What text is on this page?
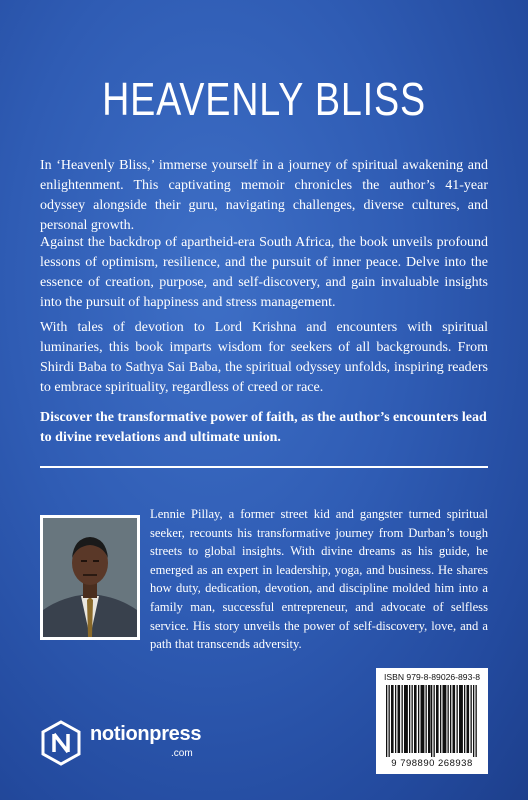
HEAVENLY BLISS
In ‘Heavenly Bliss,’ immerse yourself in a journey of spiritual awakening and enlightenment. This captivating memoir chronicles the author’s 41-year odyssey alongside their guru, navigating challenges, diverse cultures, and personal growth.
Against the backdrop of apartheid-era South Africa, the book unveils profound lessons of optimism, resilience, and the pursuit of inner peace. Delve into the essence of creation, purpose, and self-discovery, and gain invaluable insights into the pursuit of happiness and stress management.
With tales of devotion to Lord Krishna and encounters with spiritual luminaries, this book imparts wisdom for seekers of all backgrounds. From Shirdi Baba to Sathya Sai Baba, the spiritual odyssey unfolds, inspiring readers to embrace spirituality, regardless of creed or race.
Discover the transformative power of faith, as the author’s encounters lead to divine revelations and ultimate union.
Lennie Pillay, a former street kid and gangster turned spiritual seeker, recounts his transformative journey from Durban’s tough streets to global insights. With divine dreams as his guide, he emerged as an expert in leadership, yoga, and business. He shares how duty, dedication, devotion, and discipline molded him into a family man, successful entrepreneur, and advocate of selfless service. His story unveils the power of self-discovery, love, and a path that transcends adversity.
ISBN 979-8-89026-893-8
9 798890 268938
notionpress
.com
